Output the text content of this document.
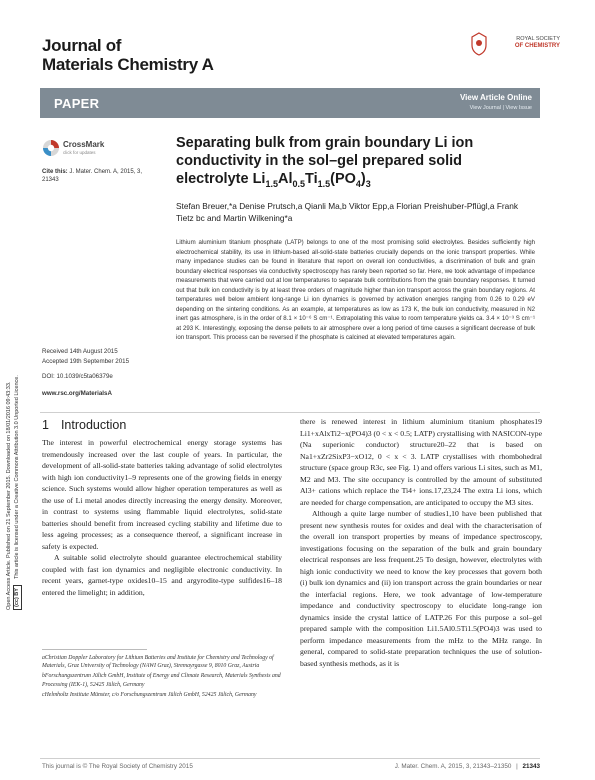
Journal of
Materials Chemistry A
ROYAL SOCIETY
OF CHEMISTRY
PAPER	View Article Online
View Journal | View Issue
Open Access Article. Published on 21 September 2015. Downloaded on 18/01/2016 09:43:33. (cc) BY
This article is licensed under a Creative Commons Attribution 3.0 Unported Licence.
CrossMark
click for updates
Cite this: J. Mater. Chem. A, 2015, 3, 21343
Separating bulk from grain boundary Li ion conductivity in the sol–gel prepared solid electrolyte $Li_{1.5}Al_{0.5}Ti_{1.5}(PO_4)_3$
Stefan Breuer,*a Denise Prutsch,a Qianli Ma,b Viktor Epp,a Florian Preishuber-Pflügl,a Frank Tietz bc and Martin Wilkening*a
Lithium aluminium titanium phosphate (LATP) belongs to one of the most promising solid electrolytes. Besides sufficiently high electrochemical stability, its use in lithium-based all-solid-state batteries crucially depends on the ionic transport properties. While many impedance studies can be found in literature that report on overall ion conductivities, a discrimination of bulk and grain boundary electrical responses via conductivity spectroscopy has rarely been reported so far. Here, we took advantage of impedance measurements that were carried out at low temperatures to separate bulk contributions from the grain boundary responses. It turned out that bulk ion conductivity is by at least three orders of magnitude higher than ion transport across the grain boundary regions. At temperatures well below ambient long-range Li ion dynamics is governed by activation energies ranging from 0.26 to 0.29 eV depending on the sintering conditions. As an example, at temperatures as low as 173 K, the bulk ion conductivity, measured in N2 inert gas atmosphere, is in the order of 8.1 × 10⁻⁶ S cm⁻¹. Extrapolating this value to room temperature yields ca. 3.4 × 10⁻³ S cm⁻¹ at 293 K. Interestingly, exposing the dense pellets to air atmosphere over a long period of time causes a significant decrease of bulk ion transport. This process can be reversed if the phosphate is calcined at elevated temperatures again.
Received 14th August 2015
Accepted 19th September 2015
DOI: 10.1039/c5ta06379e
www.rsc.org/MaterialsA
1 Introduction

The interest in powerful electrochemical energy storage systems has tremendously increased over the last couple of years. In particular, the development of all-solid-state batteries taking advantage of solid electrolytes with high ion conductivity1–9 represents one of the growing fields in energy science. Such systems would allow higher operation temperatures as well as the use of Li metal anodes directly increasing the energy density. Moreover, in contrast to systems using flammable liquid electrolytes, solid-state batteries should benefit from increased cycling stability and lifetime due to less ageing processes; as a consequence thereof, a significant increase in safety is expected.

A suitable solid electrolyte should guarantee electrochemical stability coupled with fast ion dynamics and negligible electronic conductivity. In recent years, garnet-type oxides10–15 and argyrodite-type sulfides16–18 entered the limelight; in addition,

there is renewed interest in lithium aluminium titanium phosphates19 Li1+xAlxTi2−x(PO4)3 (0 < x < 0.5; LATP) crystallising with NASICON-type (Na superionic conductor) structure20–22 that is based on Na1+xZr2SixP3−xO12, 0 < x < 3. LATP crystallises with rhombohedral structure (space group R3c, see Fig. 1) and offers various Li sites, such as M1, M2 and M3. The site occupancy is controlled by the amount of substituted Al3+ cations which replace the Ti4+ ions.17,23,24 The extra Li ions, which are needed for charge compensation, are anticipated to occupy the M3 sites.

Although a quite large number of studies1,10 have been published that present new synthesis routes for oxides and deal with the characterisation of the overall ion transport properties by means of impedance spectroscopy, investigations focusing on the separation of the bulk and grain boundary electrical responses are less frequent.25 To design, however, electrolytes with high ionic conductivity we need to know the key processes that govern both (i) bulk ion dynamics and (ii) ion transport across the grain boundaries or near the interfacial regions. Here, we took advantage of low-temperature impedance and conductivity spectroscopy to elucidate long-range ion dynamics inside the crystal lattice of LATP.26 For this purpose a sol–gel prepared sample with the composition Li1.5Al0.5Ti1.5(PO4)3 was used to perform impedance measurements from the mHz to the MHz range. In general, compared to solid-state preparation techniques the use of solution-based synthesis methods, as it is

aChristian Doppler Laboratory for Lithium Batteries and Institute for Chemistry and Technology of Materials, Graz University of Technology (NAWI Graz), Stremayrgasse 9, 8010 Graz, Austria

bForschungszentrum Jülich GmbH, Institute of Energy and Climate Research, Materials Synthesis and Processing (IEK-1), 52425 Jülich, Germany

cHelmholtz Institute Münster, c/o Forschungszentrum Jülich GmbH, 52425 Jülich, Germany

This journal is © The Royal Society of Chemistry 2015	J. Mater. Chem. A, 2015, 3, 21343–21350 | 21343
